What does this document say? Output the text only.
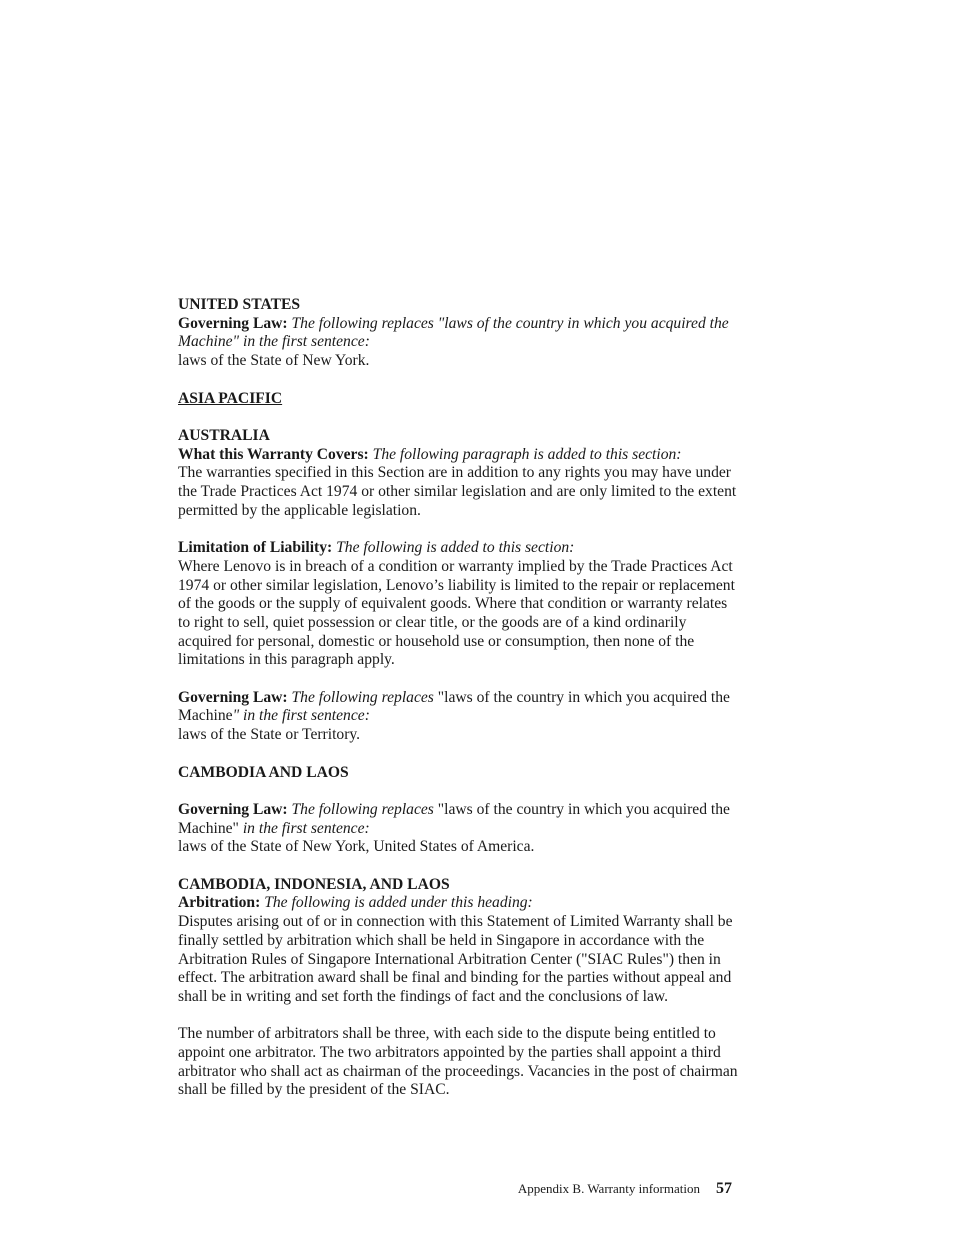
UNITED STATES
Governing Law: The following replaces "laws of the country in which you acquired the Machine" in the first sentence:
laws of the State of New York.
ASIA PACIFIC
AUSTRALIA
What this Warranty Covers: The following paragraph is added to this section:
The warranties specified in this Section are in addition to any rights you may have under the Trade Practices Act 1974 or other similar legislation and are only limited to the extent permitted by the applicable legislation.
Limitation of Liability: The following is added to this section:
Where Lenovo is in breach of a condition or warranty implied by the Trade Practices Act 1974 or other similar legislation, Lenovo’s liability is limited to the repair or replacement of the goods or the supply of equivalent goods. Where that condition or warranty relates to right to sell, quiet possession or clear title, or the goods are of a kind ordinarily acquired for personal, domestic or household use or consumption, then none of the limitations in this paragraph apply.
Governing Law: The following replaces "laws of the country in which you acquired the Machine" in the first sentence:
laws of the State or Territory.
CAMBODIA AND LAOS
Governing Law: The following replaces "laws of the country in which you acquired the Machine" in the first sentence:
laws of the State of New York, United States of America.
CAMBODIA, INDONESIA, AND LAOS
Arbitration: The following is added under this heading:
Disputes arising out of or in connection with this Statement of Limited Warranty shall be finally settled by arbitration which shall be held in Singapore in accordance with the Arbitration Rules of Singapore International Arbitration Center ("SIAC Rules") then in effect. The arbitration award shall be final and binding for the parties without appeal and shall be in writing and set forth the findings of fact and the conclusions of law.
The number of arbitrators shall be three, with each side to the dispute being entitled to appoint one arbitrator. The two arbitrators appointed by the parties shall appoint a third arbitrator who shall act as chairman of the proceedings. Vacancies in the post of chairman shall be filled by the president of the SIAC.
Appendix B. Warranty information 57
